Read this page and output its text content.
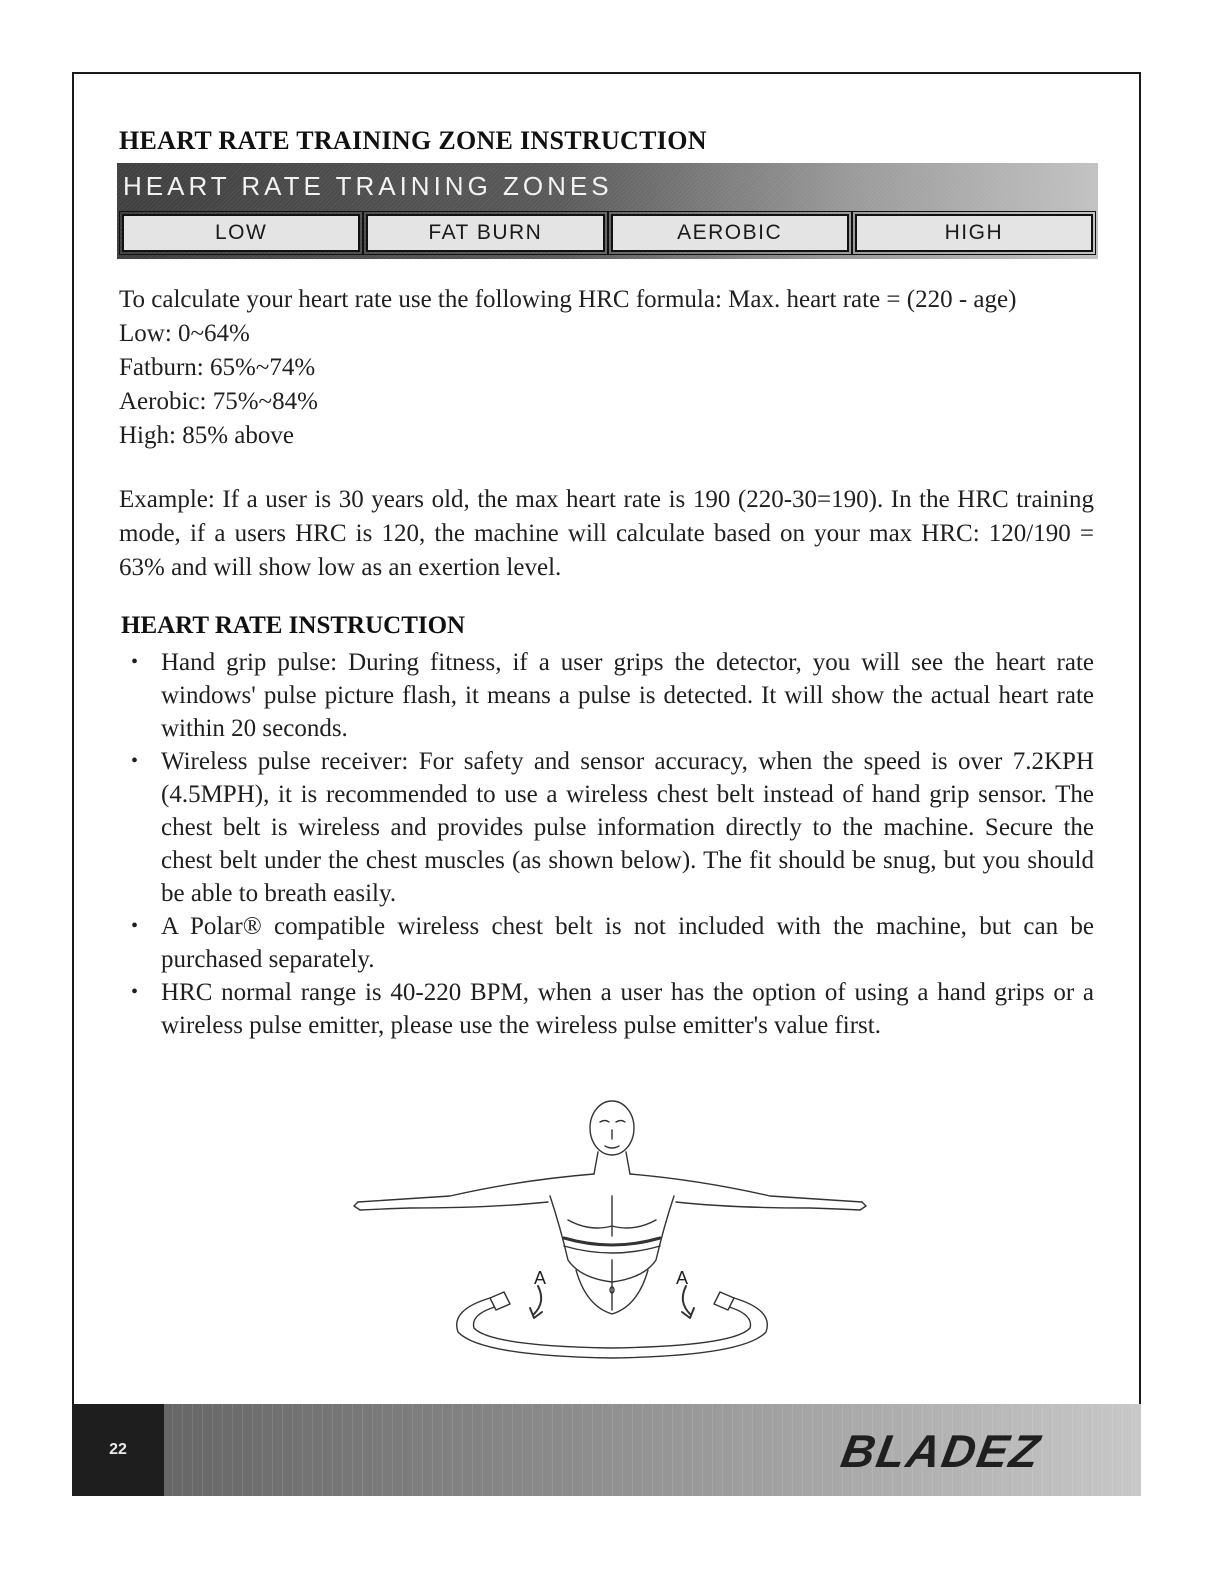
HEART RATE TRAINING ZONE INSTRUCTION
HEART RATE TRAINING ZONES
LOW	FAT BURN	AEROBIC	HIGH

To calculate your heart rate use the following HRC formula: Max. heart rate = (220 - age)

Low: 0~64%
Fatburn: 65%~74%
Aerobic: 75%~84%
High: 85% above

Example: If a user is 30 years old, the max heart rate is 190 (220-30=190). In the HRC training mode, if a users HRC is 120, the machine will calculate based on your max HRC: 120/190 = 63% and will show low as an exertion level.

HEART RATE INSTRUCTION
• Hand grip pulse: During fitness, if a user grips the detector, you will see the heart rate windows' pulse picture flash, it means a pulse is detected. It will show the actual heart rate within 20 seconds.
• Wireless pulse receiver: For safety and sensor accuracy, when the speed is over 7.2KPH (4.5MPH), it is recommended to use a wireless chest belt instead of hand grip sensor. The chest belt is wireless and provides pulse information directly to the machine. Secure the chest belt under the chest muscles (as shown below). The fit should be snug, but you should be able to breath easily.
• A Polar® compatible wireless chest belt is not included with the machine, but can be purchased separately.
• HRC normal range is 40-220 BPM, when a user has the option of using a hand grips or a wireless pulse emitter, please use the wireless pulse emitter's value first.
A	A
22	BLADEZ
